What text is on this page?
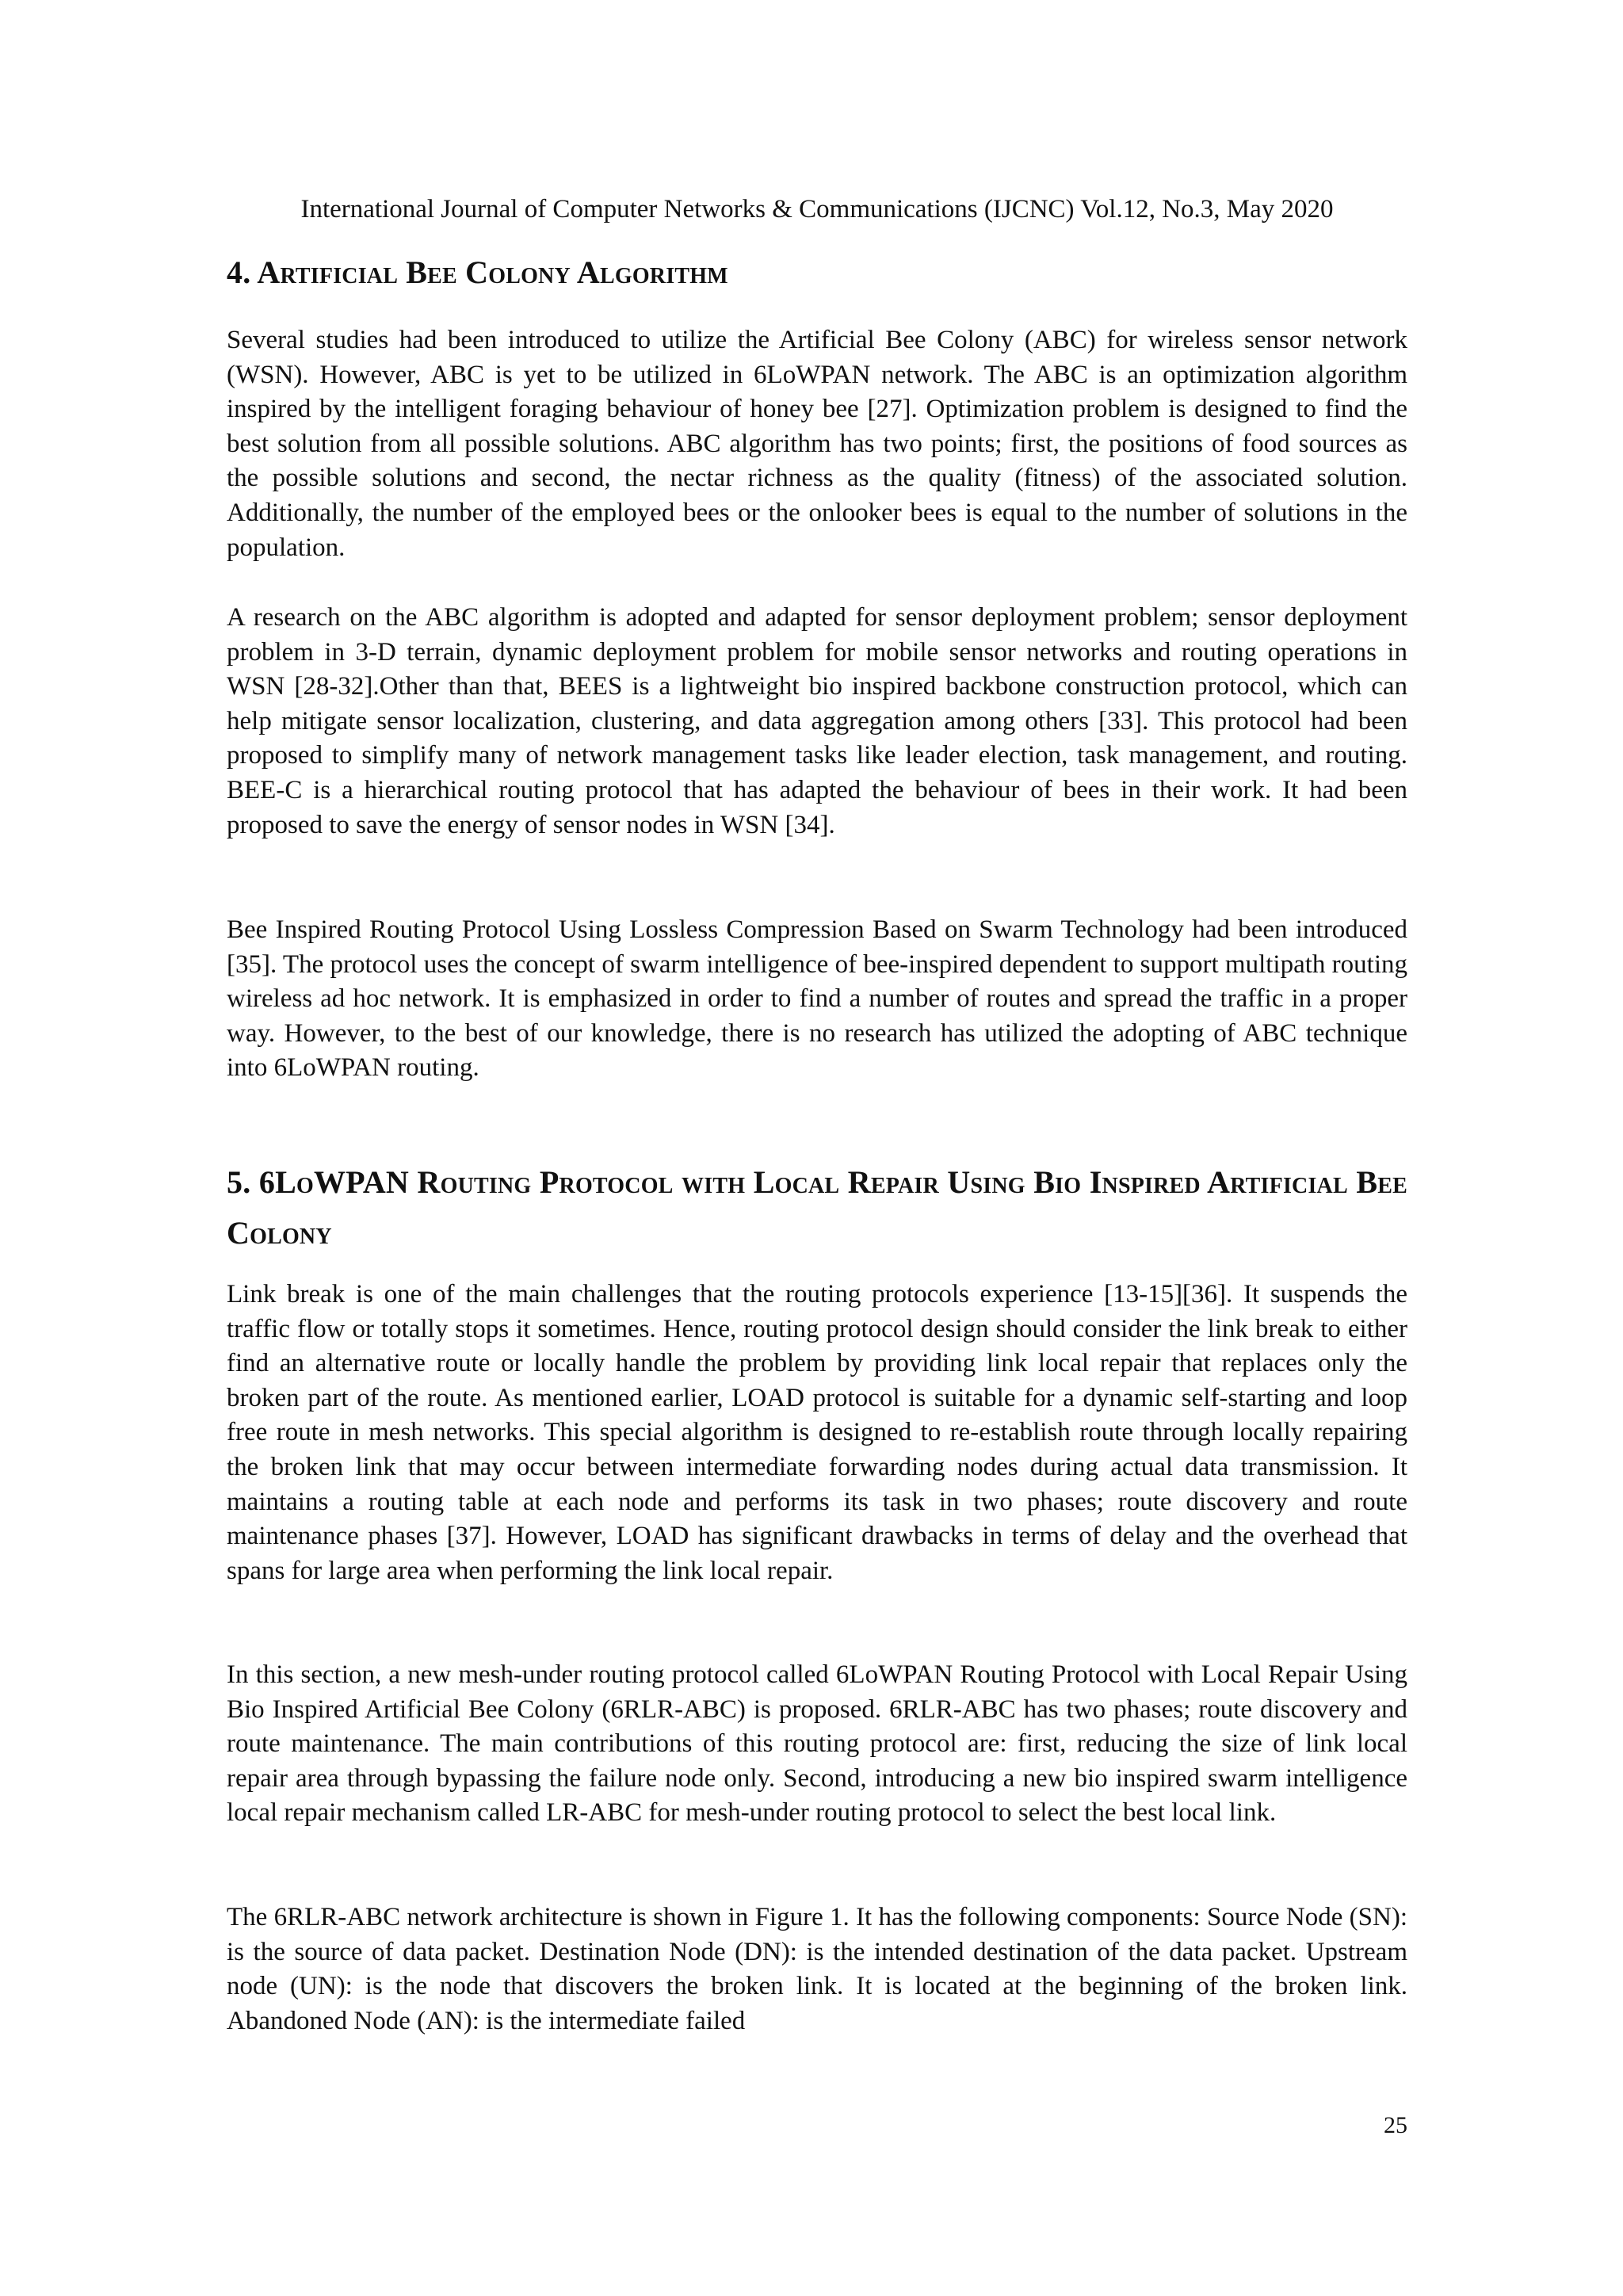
International Journal of Computer Networks & Communications (IJCNC) Vol.12, No.3, May 2020
4. Artificial Bee Colony Algorithm

Several studies had been introduced to utilize the Artificial Bee Colony (ABC) for wireless sensor network (WSN). However, ABC is yet to be utilized in 6LoWPAN network. The ABC is an optimization algorithm inspired by the intelligent foraging behaviour of honey bee [27]. Optimization problem is designed to find the best solution from all possible solutions. ABC algorithm has two points; first, the positions of food sources as the possible solutions and second, the nectar richness as the quality (fitness) of the associated solution. Additionally, the number of the employed bees or the onlooker bees is equal to the number of solutions in the population.

A research on the ABC algorithm is adopted and adapted for sensor deployment problem; sensor deployment problem in 3-D terrain, dynamic deployment problem for mobile sensor networks and routing operations in WSN [28-32].Other than that, BEES is a lightweight bio inspired backbone construction protocol, which can help mitigate sensor localization, clustering, and data aggregation among others [33]. This protocol had been proposed to simplify many of network management tasks like leader election, task management, and routing. BEE-C is a hierarchical routing protocol that has adapted the behaviour of bees in their work. It had been proposed to save the energy of sensor nodes in WSN [34].

Bee Inspired Routing Protocol Using Lossless Compression Based on Swarm Technology had been introduced [35]. The protocol uses the concept of swarm intelligence of bee-inspired dependent to support multipath routing wireless ad hoc network. It is emphasized in order to find a number of routes and spread the traffic in a proper way. However, to the best of our knowledge, there is no research has utilized the adopting of ABC technique into 6LoWPAN routing.

5. 6LoWPAN Routing Protocol with Local Repair Using Bio Inspired Artificial Bee Colony

Link break is one of the main challenges that the routing protocols experience [13-15][36]. It suspends the traffic flow or totally stops it sometimes. Hence, routing protocol design should consider the link break to either find an alternative route or locally handle the problem by providing link local repair that replaces only the broken part of the route. As mentioned earlier, LOAD protocol is suitable for a dynamic self-starting and loop free route in mesh networks. This special algorithm is designed to re-establish route through locally repairing the broken link that may occur between intermediate forwarding nodes during actual data transmission. It maintains a routing table at each node and performs its task in two phases; route discovery and route maintenance phases [37]. However, LOAD has significant drawbacks in terms of delay and the overhead that spans for large area when performing the link local repair.

In this section, a new mesh-under routing protocol called 6LoWPAN Routing Protocol with Local Repair Using Bio Inspired Artificial Bee Colony (6RLR-ABC) is proposed. 6RLR-ABC has two phases; route discovery and route maintenance. The main contributions of this routing protocol are: first, reducing the size of link local repair area through bypassing the failure node only. Second, introducing a new bio inspired swarm intelligence local repair mechanism called LR-ABC for mesh-under routing protocol to select the best local link.

The 6RLR-ABC network architecture is shown in Figure 1. It has the following components: Source Node (SN): is the source of data packet. Destination Node (DN): is the intended destination of the data packet. Upstream node (UN): is the node that discovers the broken link. It is located at the beginning of the broken link. Abandoned Node (AN): is the intermediate failed

25
